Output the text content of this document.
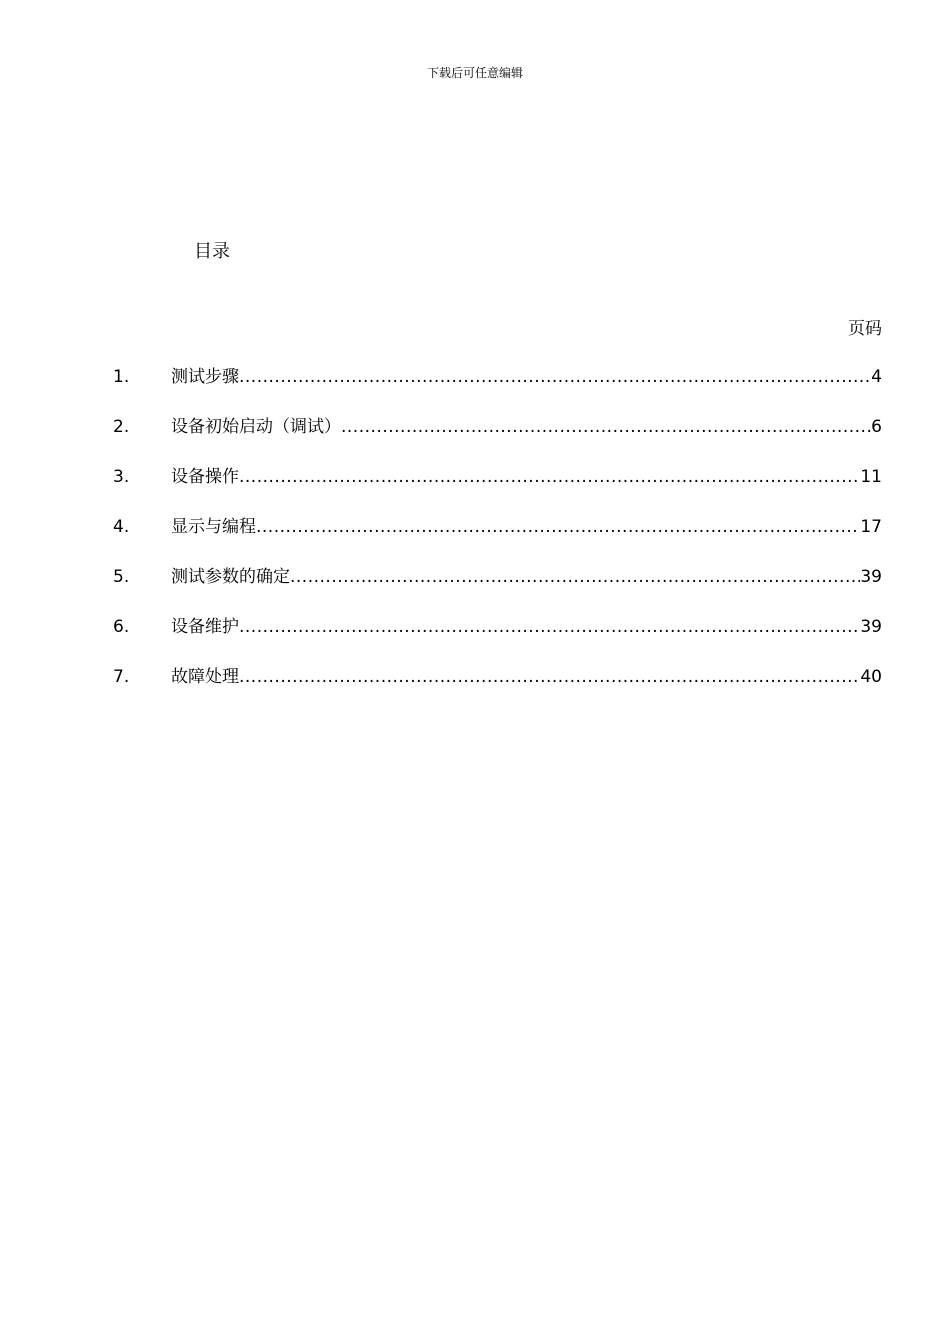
下载后可任意编辑
目录
页码
1.	测试步骤 .....	4
2.	设备初始启动（调试） .....	6
3.	设备操作 .....	11
4.	显示与编程 .....	17
5.	测试参数的确定 .....	39
6.	设备维护 .....	39
7.	故障处理 .....	40
